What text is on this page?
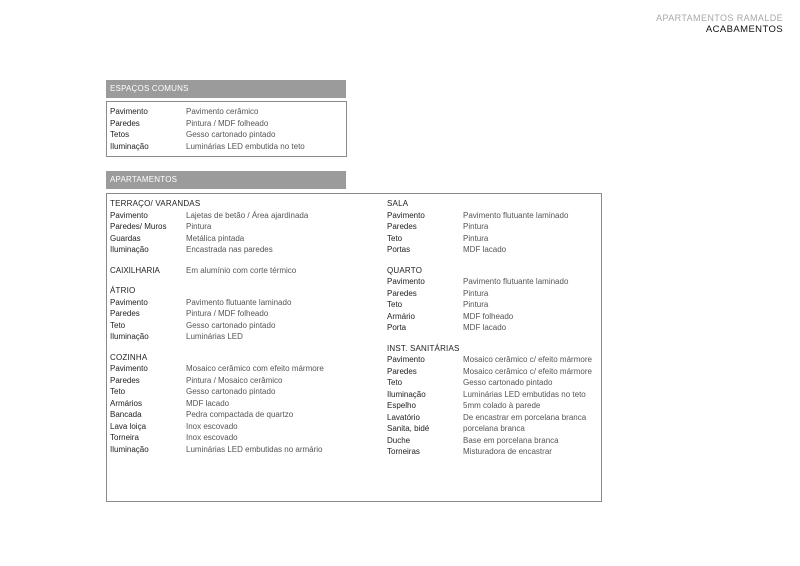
APARTAMENTOS RAMALDE
ACABAMENTOS
ESPAÇOS COMUNS
Pavimento	Pavimento cerâmico
Paredes	Pintura / MDF folheado
Tetos	Gesso cartonado pintado
Iluminação	Luminárias LED embutida no teto
APARTAMENTOS
TERRAÇO/ VARANDAS
Pavimento	Lajetas de betão / Área ajardinada
Paredes/ Muros	Pintura
Guardas	Metálica pintada
Iluminação	Encastrada nas paredes
CAIXILHARIA	Em alumínio com corte térmico
ÁTRIO
Pavimento	Pavimento flutuante laminado
Paredes	Pintura / MDF folheado
Teto	Gesso cartonado pintado
Iluminação	Luminárias LED
COZINHA
Pavimento	Mosaico cerâmico com efeito mármore
Paredes	Pintura / Mosaico cerâmico
Teto	Gesso cartonado pintado
Armários	MDF lacado
Bancada	Pedra compactada de quartzo
Lava loiça	Inox escovado
Torneira	Inox escovado
Iluminação	Luminárias LED embutidas no armário
SALA
Pavimento	Pavimento flutuante laminado
Paredes	Pintura
Teto	Pintura
Portas	MDF lacado
QUARTO
Pavimento	Pavimento flutuante laminado
Paredes	Pintura
Teto	Pintura
Armário	MDF folheado
Porta	MDF lacado
INST. SANITÁRIAS
Pavimento	Mosaico cerâmico c/ efeito mármore
Paredes	Mosaico cerâmico c/ efeito mármore
Teto	Gesso cartonado pintado
Iluminação	Luminárias LED embutidas no teto
Espelho	5mm colado à parede
Lavatório	De encastrar em porcelana branca
Sanita, bidé	porcelana branca
Duche	Base em porcelana branca
Torneiras	Misturadora de encastrar
